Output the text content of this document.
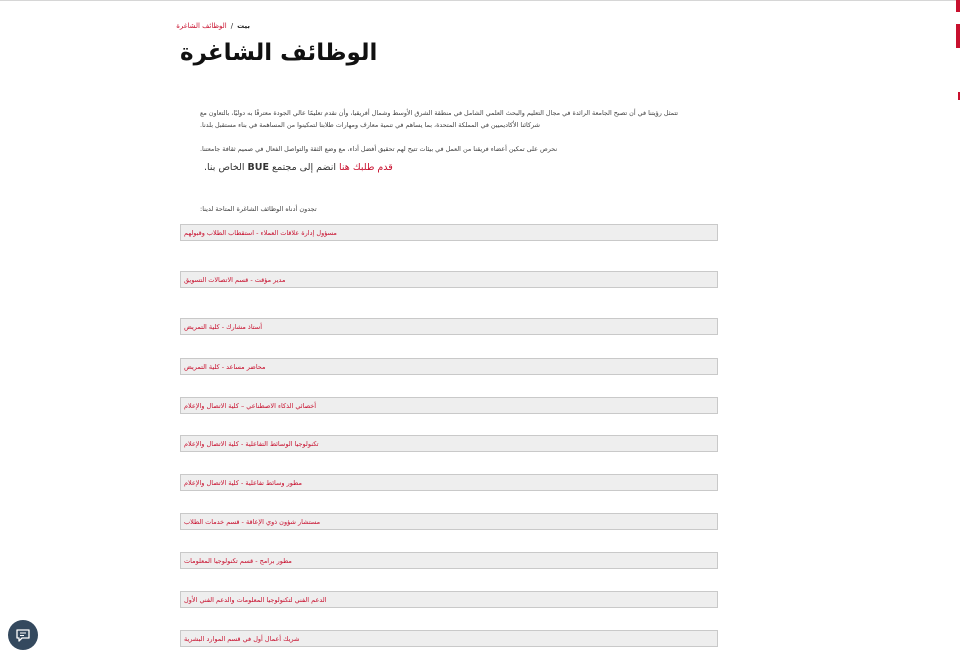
بيت/الوظائف الشاغرة
الوظائف الشاغرة

تتمثل رؤيتنا في أن تصبح الجامعة الرائدة في مجال التعليم والبحث العلمي الشامل في منطقة الشرق الأوسط وشمال أفريقيا، وأن نقدم تعليمًا عالي الجودة معترفًا به دوليًا، بالتعاون مع شركائنا الأكاديميين في المملكة المتحدة، بما يساهم في تنمية معارف ومهارات طلابنا لتمكينوا من المساهمة في بناء مستقبل بلدنا.

نحرص على تمكين أعضاء فريقنا من العمل في بيئات تتيح لهم تحقيق أفضل أداء، مع وضع الثقة والتواصل الفعال في صميم ثقافة جامعتنا.

قدم طلبك هنا انضم إلى مجتمع BUE الخاص بنا.

تجدون أدناه الوظائف الشاغرة المتاحة لدينا:

مسؤول إدارة علاقات العملاء - استقطاب الطلاب وقبولهم
مدير مؤقت - قسم الاتصالات التسويق
أستاذ مشارك - كلية التمريض
محاضر مساعد - كلية التمريض
أخصائي الذكاء الاصطناعي – كلية الاتصال والإعلام
تكنولوجيا الوسائط التفاعلية - كلية الاتصال والإعلام
مطور وسائط تفاعلية - كلية الاتصال والإعلام
مستشار شؤون ذوي الإعاقة - قسم خدمات الطلاب
مطور برامج - قسم تكنولوجيا المعلومات
الدعم الفني لتكنولوجيا المعلومات والدعم الفني الأول
شريك أعمال أول في قسم الموارد البشرية
